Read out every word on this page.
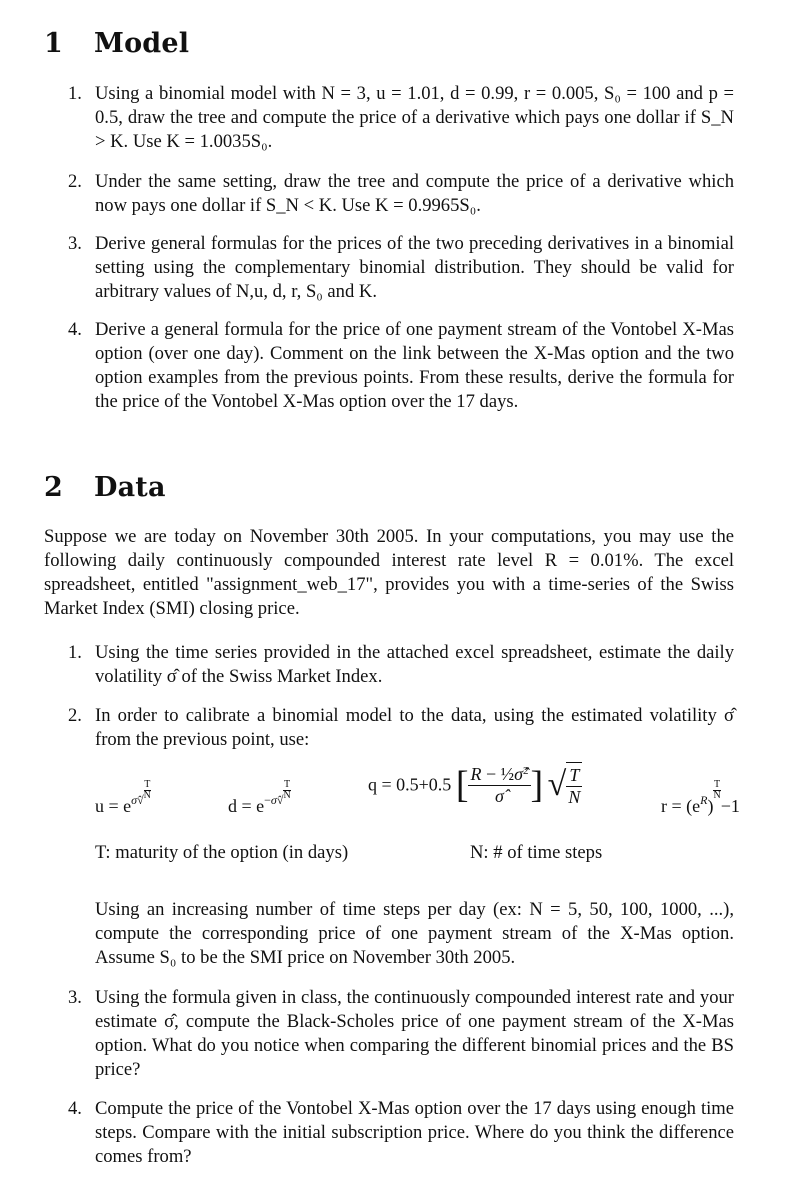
1 Model
1. Using a binomial model with N = 3, u = 1.01, d = 0.99, r = 0.005, S₀ = 100 and p = 0.5, draw the tree and compute the price of a derivative which pays one dollar if S_N > K. Use K = 1.0035S₀.
2. Under the same setting, draw the tree and compute the price of a derivative which now pays one dollar if S_N < K. Use K = 0.9965S₀.
3. Derive general formulas for the prices of the two preceding derivatives in a binomial setting using the complementary binomial distribution. They should be valid for arbitrary values of N,u, d, r, S₀ and K.
4. Derive a general formula for the price of one payment stream of the Vontobel X-Mas option (over one day). Comment on the link between the X-Mas option and the two option examples from the previous points. From these results, derive the formula for the price of the Vontobel X-Mas option over the 17 days.
2 Data
Suppose we are today on November 30th 2005. In your computations, you may use the following daily continuously compounded interest rate level R = 0.01%. The excel spreadsheet, entitled "assignment_web_17", provides you with a time-series of the Swiss Market Index (SMI) closing price.
1. Using the time series provided in the attached excel spreadsheet, estimate the daily volatility σ̂ of the Swiss Market Index.
2. In order to calibrate a binomial model to the data, using the estimated volatility σ̂ from the previous point, use:
$u = e^{\sigmâ√ \frac{T}{N}}$
$d = e^{-\sigmâ√ \frac{T}{N}}$	q = 0.5+0.5 [ $\frac{R - \frac{1}{2}\sigmâ^2}{\sigmâ}$ ] √ $\frac{T}{N}$	$r = (e^R)$
$^{\frac{T}{N}}$
−1
T: maturity of the option (in days)	N: # of time steps
Using an increasing number of time steps per day (ex: N = 5, 50, 100, 1000, ...), compute the corresponding price of one payment stream of the X-Mas option. Assume S₀ to be the SMI price on November 30th 2005.
3. Using the formula given in class, the continuously compounded interest rate and your estimate σ̂, compute the Black-Scholes price of one payment stream of the X-Mas option. What do you notice when comparing the different binomial prices and the BS price?
4. Compute the price of the Vontobel X-Mas option over the 17 days using enough time steps. Compare with the initial subscription price. Where do you think the difference comes from?
